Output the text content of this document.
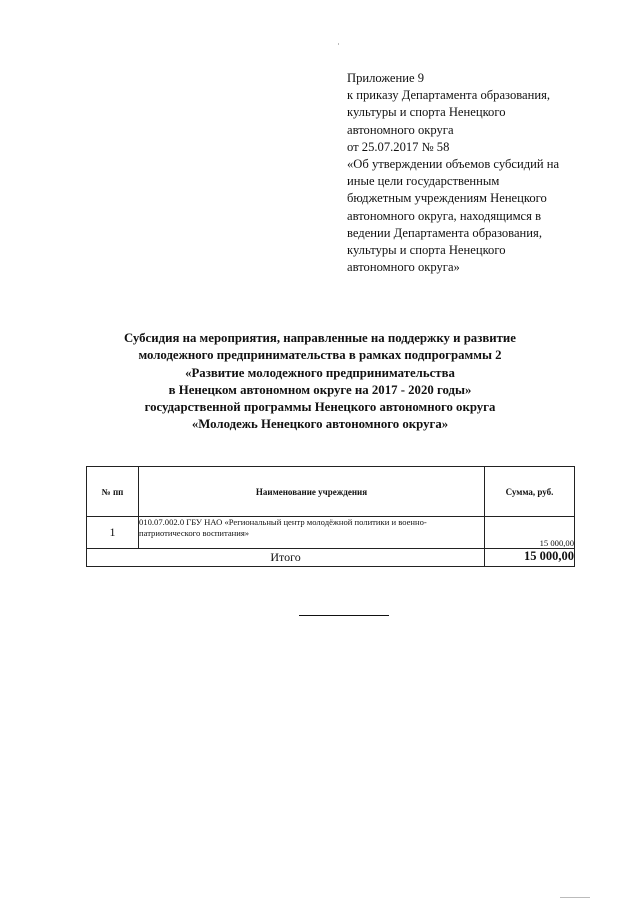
Приложение 9
к приказу Департамента образования,
культуры и спорта Ненецкого
автономного округа
от 25.07.2017 № 58
«Об утверждении объемов субсидий на
иные цели государственным
бюджетным учреждениям Ненецкого
автономного округа, находящимся в
ведении Департамента образования,
культуры и спорта Ненецкого
автономного округа»
Субсидия на мероприятия, направленные на поддержку и развитие
молодежного предпринимательства в рамках подпрограммы 2
«Развитие молодежного предпринимательства
в Ненецком автономном округе на 2017 - 2020 годы»
государственной программы Ненецкого автономного округа
«Молодежь Ненецкого автономного округа»
№ пп	Наименование учреждения	Сумма, руб.
1	010.07.002.0 ГБУ НАО «Региональный центр молодёжной политики и военно-патриотического воспитания»	15 000,00
Итого		15 000,00
